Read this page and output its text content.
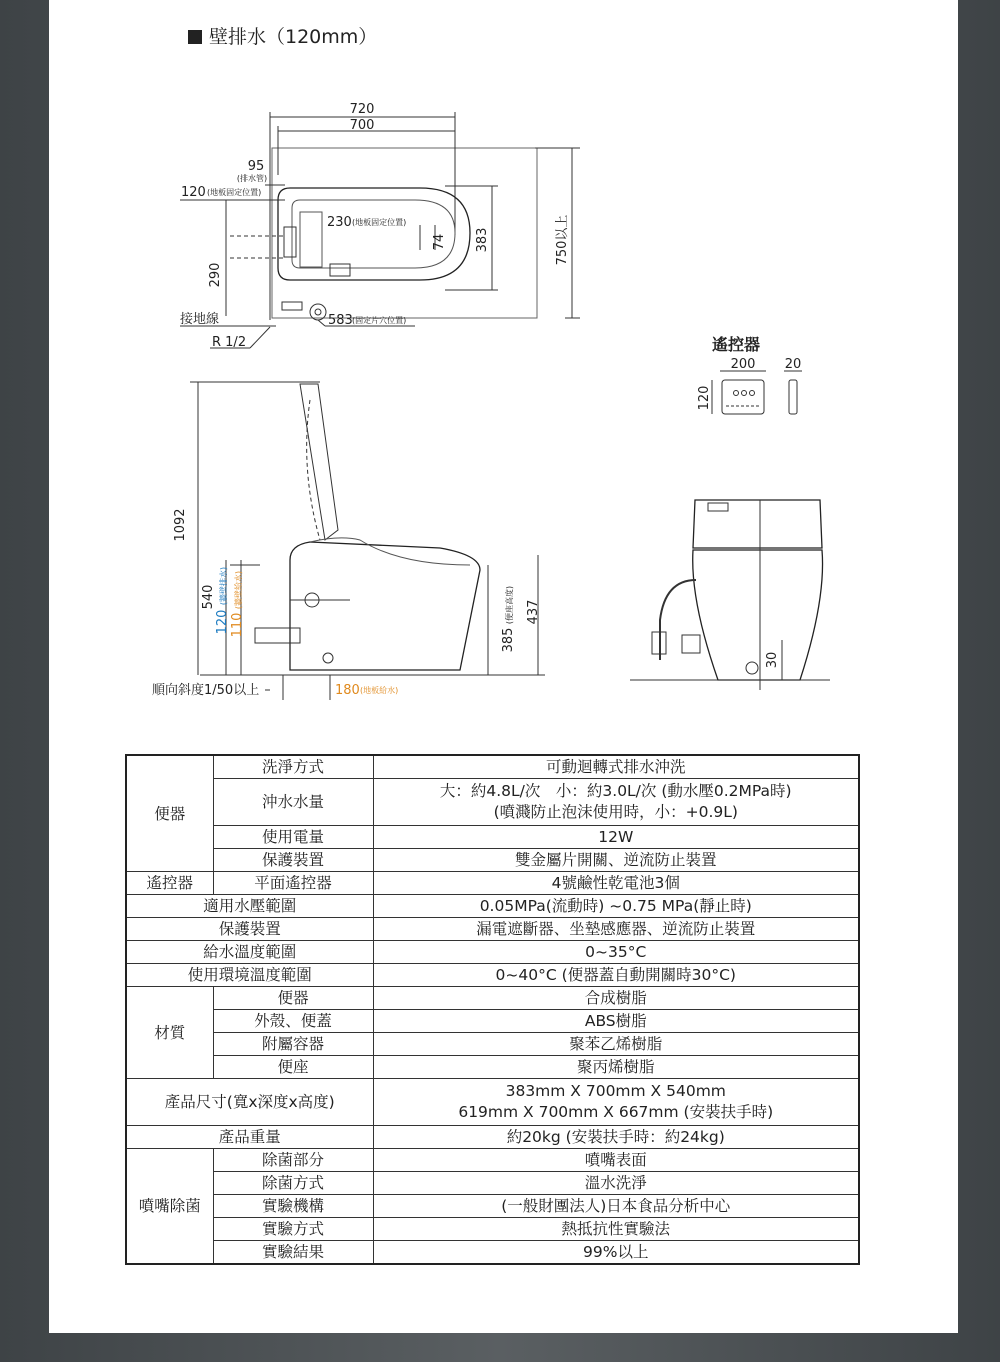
壁排水（120mm）
720
700
95
(排水管)
120 (地板固定位置)
230 (地板固定位置)
74 383	750以上
290
接地線	583 (固定片穴位置)
R 1/2	遙控器
200 20
120
1092
540
120
(牆壁排水)
110
(牆壁給水)
385
(便座高度) 437
順向斜度1/50以上	180 (地板給水)
30
便器	洗淨方式	可動迴轉式排水沖洗
	沖水水量	大：約4.8L/次　小：約3.0L/次 (動水壓0.2MPa時)
(噴濺防止泡沫使用時，小：+0.9L)
	使用電量	12W
	保護裝置	雙金屬片開關、逆流防止裝置
遙控器	平面遙控器	4號鹼性乾電池3個
適用水壓範圍		0.05MPa(流動時) ~0.75 MPa(靜止時)
保護裝置		漏電遮斷器、坐墊感應器、逆流防止裝置
給水溫度範圍		0~35°C
使用環境溫度範圍		0~40°C (便器蓋自動開關時30°C)
材質	便器	合成樹脂
	外殼、便蓋	ABS樹脂
	附屬容器	聚苯乙烯樹脂
	便座	聚丙烯樹脂
產品尺寸(寬x深度x高度)		383mm X 700mm X 540mm
619mm X 700mm X 667mm (安裝扶手時)
產品重量		約20kg (安裝扶手時：約24kg)
噴嘴除菌	除菌部分	噴嘴表面
	除菌方式	溫水洗淨
	實驗機構	(一般財團法人)日本食品分析中心
	實驗方式	熱抵抗性實驗法
	實驗結果	99%以上
